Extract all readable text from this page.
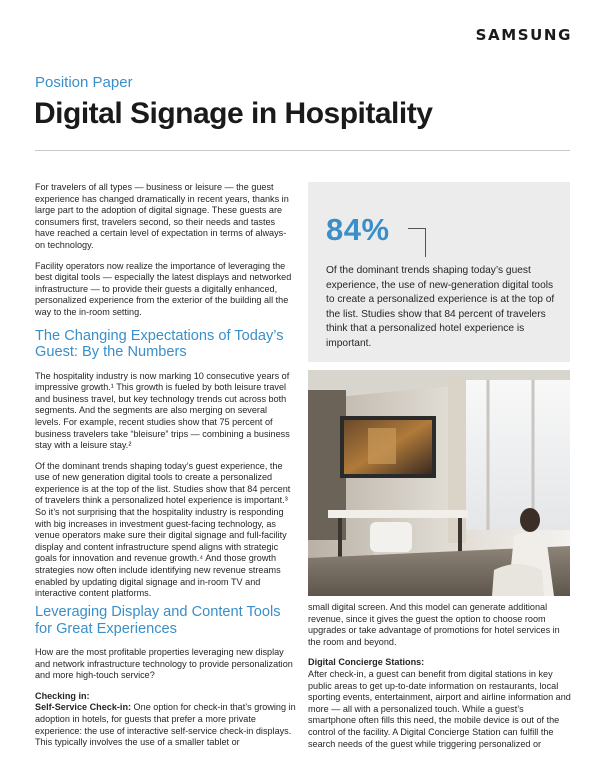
SAMSUNG
Position Paper
Digital Signage in Hospitality

For travelers of all types — business or leisure — the guest experience has changed dramatically in recent years, thanks in large part to the adoption of digital signage. These guests are consumers first, travelers second, so their needs and tastes have reached a certain level of expectation in terms of always-on technology.

Facility operators now realize the importance of leveraging the best digital tools — especially the latest displays and networked infrastructure — to provide their guests a digitally enhanced, personalized experience from the exterior of the building all the way to the in-room setting.

The Changing Expectations of Today’s Guest: By the Numbers

The hospitality industry is now marking 10 consecutive years of impressive growth.¹ This growth is fueled by both leisure travel and business travel, but key technology trends cut across both segments. And the segments are also merging on several levels. For example, recent studies show that 75 percent of business travelers take “bleisure” trips — combining a business stay with a leisure stay.²

Of the dominant trends shaping today’s guest experience, the use of new generation digital tools to create a personalized experience is at the top of the list. Studies show that 84 percent of travelers think a personalized hotel experience is important.³ So it’s not surprising that the hospitality industry is responding with big increases in investment guest-facing technology, as venue operators make sure their digital signage and full-facility display and content infrastructure spend aligns with strategic goals for innovation and revenue growth.⁴ And those growth strategies now often include identifying new revenue streams enabled by updating digital signage and in-room TV and interactive content platforms.

84%

Of the dominant trends shaping today’s guest experience, the use of new-generation digital tools to create a personalized experience is at the top of the list. Studies show that 84 percent of travelers think that a personalized hotel experience is important.

Leveraging Display and Content Tools for Great Experiences

How are the most profitable properties leveraging new display and network infrastructure technology to provide personalization and more high-touch service?

Checking in:
Self-Service Check-in: One option for check-in that’s growing in adoption in hotels, for guests that prefer a more private experience: the use of interactive self-service check-in displays. This typically involves the use of a smaller tablet or

small digital screen. And this model can generate additional revenue, since it gives the guest the option to choose room upgrades or take advantage of promotions for hotel services in the room and beyond.

Digital Concierge Stations:
After check-in, a guest can benefit from digital stations in key public areas to get up-to-date information on restaurants, local sporting events, entertainment, airport and airline information and more — all with a personalized touch. While a guest’s smartphone often fills this need, the mobile device is out of the control of the facility. A Digital Concierge Station can fulfill the search needs of the guest while triggering personalized or
